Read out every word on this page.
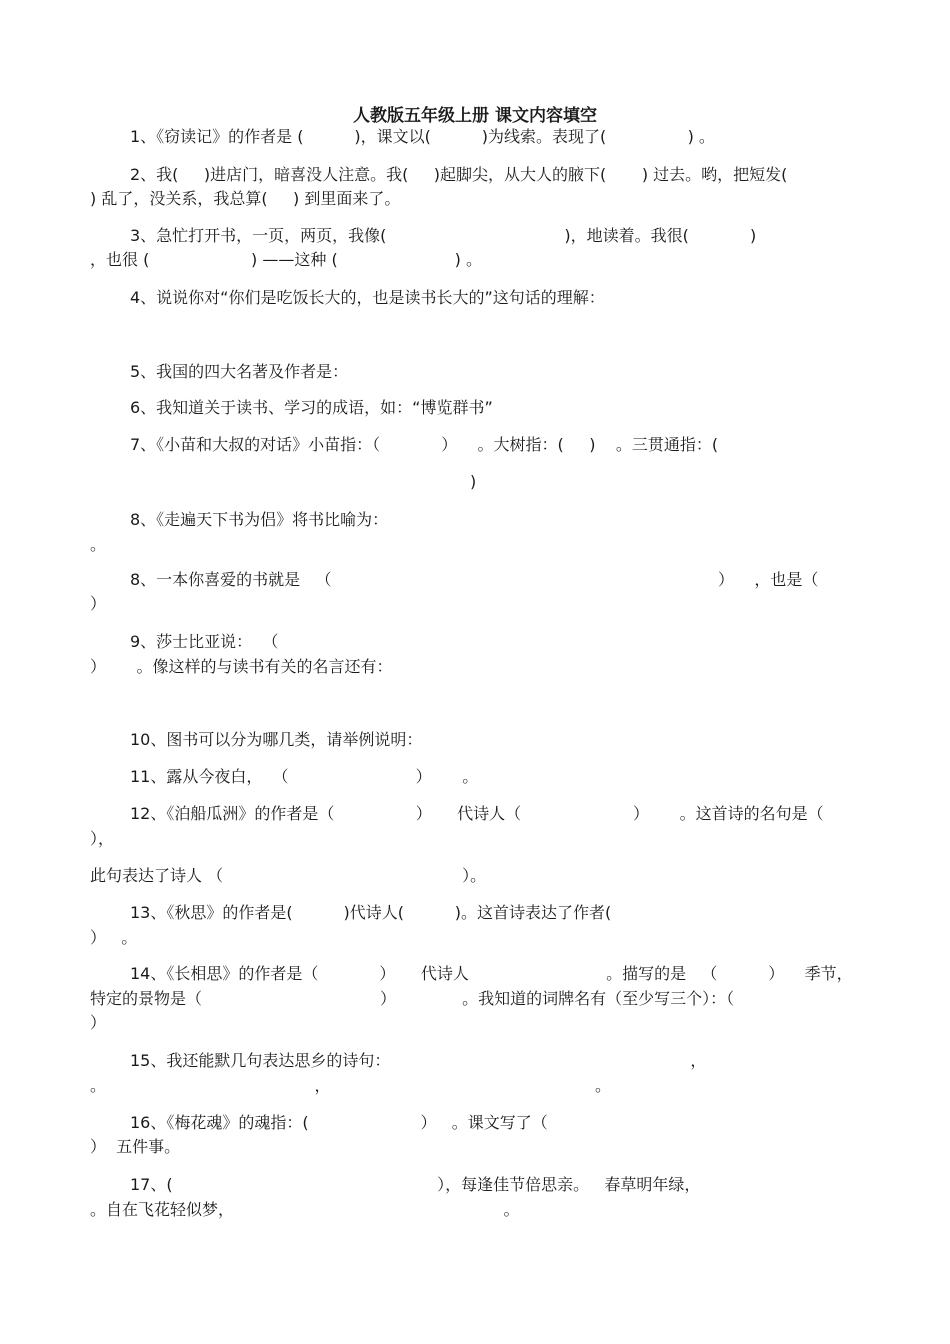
人教版五年级上册 课文内容填空
1、《窃读记》的作者是 (          )，课文以(          )为线索。表现了(                ) 。
2、我(     )进店门，暗喜没人注意。我(     )起脚尖，从大人的腋下(       ) 过去。哟，把短发(
) 乱了，没关系，我总算(     ) 到里面来了。
3、急忙打开书，一页，两页，我像(                                   )，地读着。我很(            )
，也很 (                    ) ——这种 (                       ) 。
4、说说你对“你们是吃饭长大的，也是读书长大的”这句话的理解：
5、我国的四大名著及作者是：
6、我知道关于读书、学习的成语，如：“博览群书”
7、《小苗和大叔的对话》小苗指：（            ）    。大树指：(     )    。三贯通指：(
)
8、《走遍天下书为侣》将书比喻为：
。
8、一本你喜爱的书就是   （                                                                            ）    ，也是（
）
9、莎士比亚说：  （
）      。像这样的与读书有关的名言还有：
10、图书可以分为哪几类，请举例说明：
11、露从今夜白，  （                         ）      。
12、《泊船瓜洲》的作者是（                ）     代诗人（                      ）      。这首诗的名句是（
），
此句表达了诗人 （                                               ）。
13、《秋思》的作者是(          )代诗人(          )。这首诗表达了作者(
）   。
14、《长相思》的作者是（            ）     代诗人                           。描写的是   （          ）    季节，
特定的景物是（                                   ）             。我知道的词牌名有（至少写三个）：（
）
15、我还能默几句表达思乡的诗句：                                                           ，
。                                         ，                                                    。
16、《梅花魂》的魂指：(                      ）   。课文写了（
）  五件事。
17、(                                                    ），每逢佳节倍思亲。   春草明年绿，
。自在飞花轻似梦，                                                     。
